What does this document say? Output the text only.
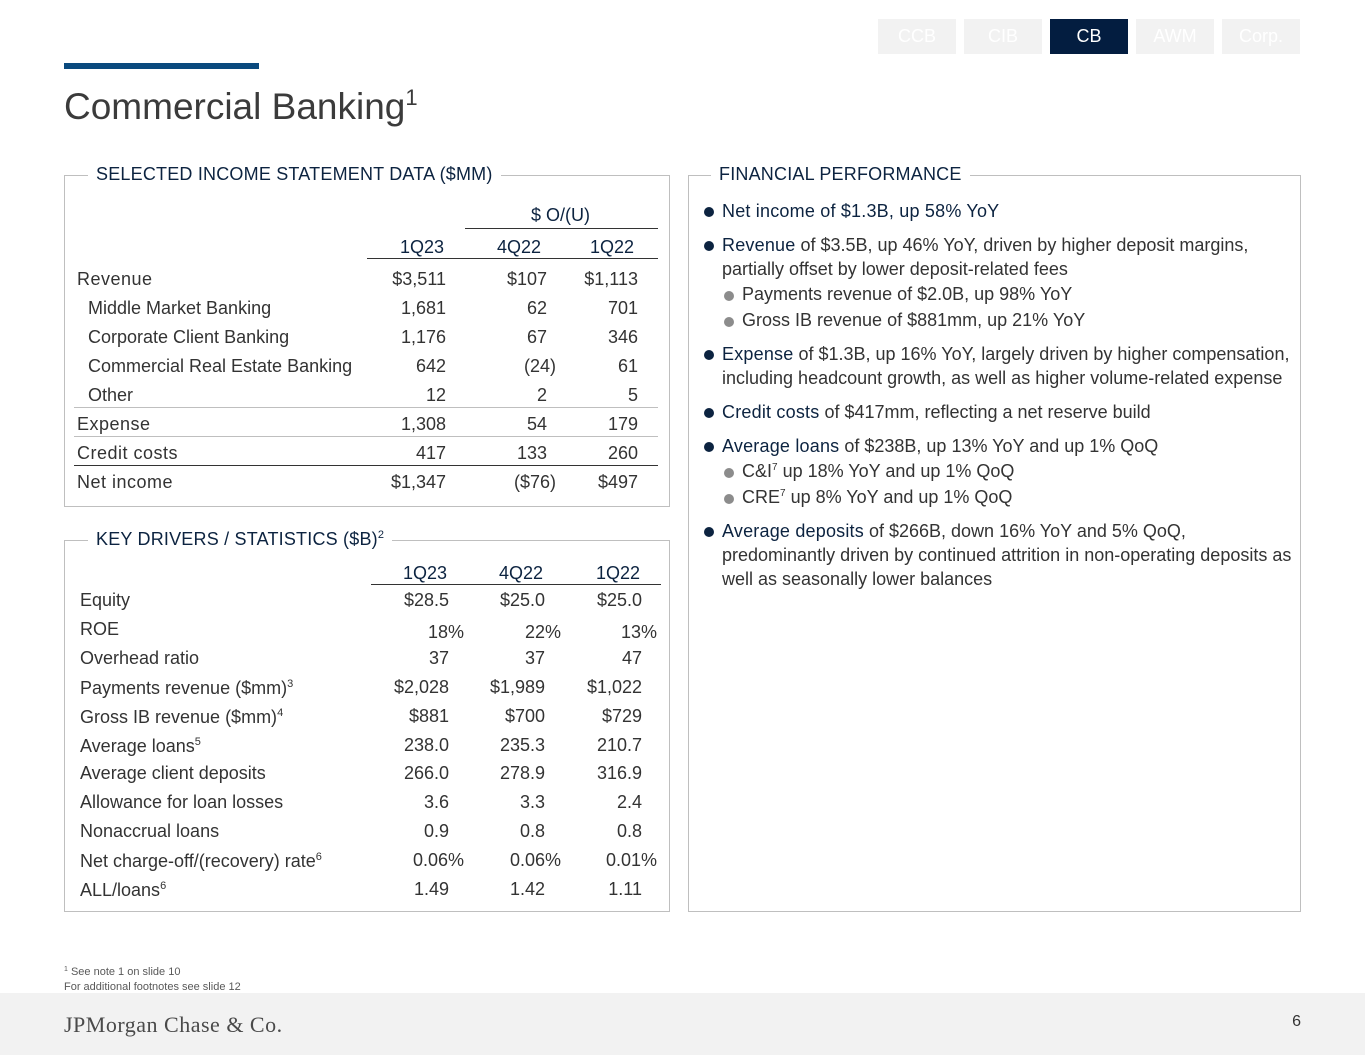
CCB	CIB	CB	AWM	Corp.
Commercial Banking$^1$
SELECTED INCOME STATEMENT DATA ($MM)
$ O/(U)
1Q23	4Q22	1Q22
Revenue	$3,511	$107	$1,113
Middle Market Banking	1,681	62	701
Corporate Client Banking	1,176	67	346
Commercial Real Estate Banking	642	(24)	61
Other	12	2	5
Expense	1,308	54	179
Credit costs	417	133	260
Net income	$1,347	($76)	$497
KEY DRIVERS / STATISTICS ($B)$^2$
1Q23	4Q22	1Q22
Equity	$28.5	$25.0	$25.0
ROE	18%	22%	13%
Overhead ratio	37	37	47
Payments revenue ($mm)$^3$	$2,028	$1,989	$1,022
Gross IB revenue ($mm)$^4$	$881	$700	$729
Average loans$^5$	238.0	235.3	210.7
Average client deposits	266.0	278.9	316.9
Allowance for loan losses	3.6	3.3	2.4
Nonaccrual loans	0.9	0.8	0.8
Net charge-off/(recovery) rate$^6$	0.06%	0.06%	0.01%
ALL/loans$^6$	1.49	1.42	1.11
FINANCIAL PERFORMANCE
Net income of $1.3B, up 58% YoY
Revenue of $3.5B, up 46% YoY, driven by higher deposit margins, partially offset by lower deposit-related fees
Payments revenue of $2.0B, up 98% YoY
Gross IB revenue of $881mm, up 21% YoY
Expense of $1.3B, up 16% YoY, largely driven by higher compensation, including headcount growth, as well as higher volume-related expense
Credit costs of $417mm, reflecting a net reserve build
Average loans of $238B, up 13% YoY and up 1% QoQ
$C\&I^7$ up 18% YoY and up 1% QoQ
CRE$^7$ up 8% YoY and up 1% QoQ
Average deposits of $266B, down 16% YoY and 5% QoQ, predominantly driven by continued attrition in non-operating deposits as well as seasonally lower balances
$^1$ See note 1 on slide 10
For additional footnotes see slide 12
JPMorgan Chase & Co.	6
